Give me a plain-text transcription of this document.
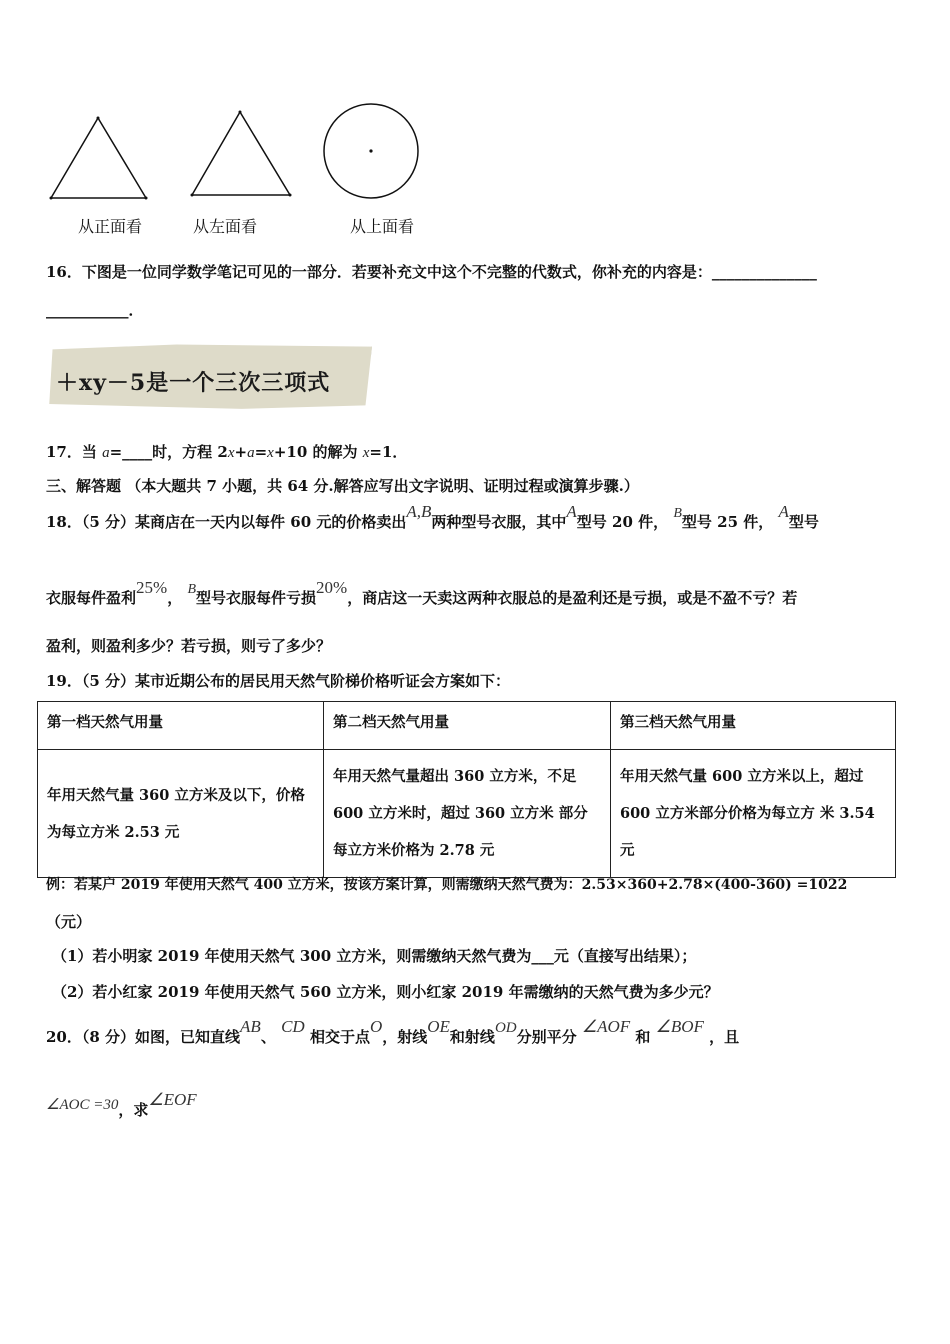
从正面看	从左面看	从上面看
16．下图是一位同学数学笔记可见的一部分．若要补充文中这个不完整的代数式，你补充的内容是：______________
___________．
＋xy－5是一个三次三项式
17．当 a=____时，方程 2x+a=x+10 的解为 x=1．
三、解答题 （本大题共 7 小题，共 64 分.解答应写出文字说明、证明过程或演算步骤.）
18．（5 分）某商店在一天内以每件 60 元的价格卖出A,B两种型号衣服，其中A型号 20 件， B型号 25 件， A型号
衣服每件盈利25%， B型号衣服每件亏损20%，商店这一天卖这两种衣服总的是盈利还是亏损，或是不盈不亏？若
盈利，则盈利多少？若亏损，则亏了多少？
19．（5 分）某市近期公布的居民用天然气阶梯价格听证会方案如下：
第一档天然气用量	第二档天然气用量	第三档天然气用量
年用天然气量 360 立方米及以下，价格为每立方米 2.53 元	年用天然气量超出 360 立方米，不足 600 立方米时，超过 360 立方米 部分每立方米价格为 2.78 元	年用天然气量 600 立方米以上，超过 600 立方米部分价格为每立方 米 3.54 元
例：若某户 2019 年使用天然气 400 立方米，按该方案计算，则需缴纳天然气费为：2.53×360+2.78×(400-360) =1022
（元）
（1）若小明家 2019 年使用天然气 300 立方米，则需缴纳天然气费为___元（直接写出结果）；
（2）若小红家 2019 年使用天然气 560 立方米，则小红家 2019 年需缴纳的天然气费为多少元？
20．（8 分）如图，已知直线AB、 CD 相交于点O，射线OE和射线OD分别平分 ∠AOF 和 ∠BOF ，且
∠AOC =30，求∠EOF
